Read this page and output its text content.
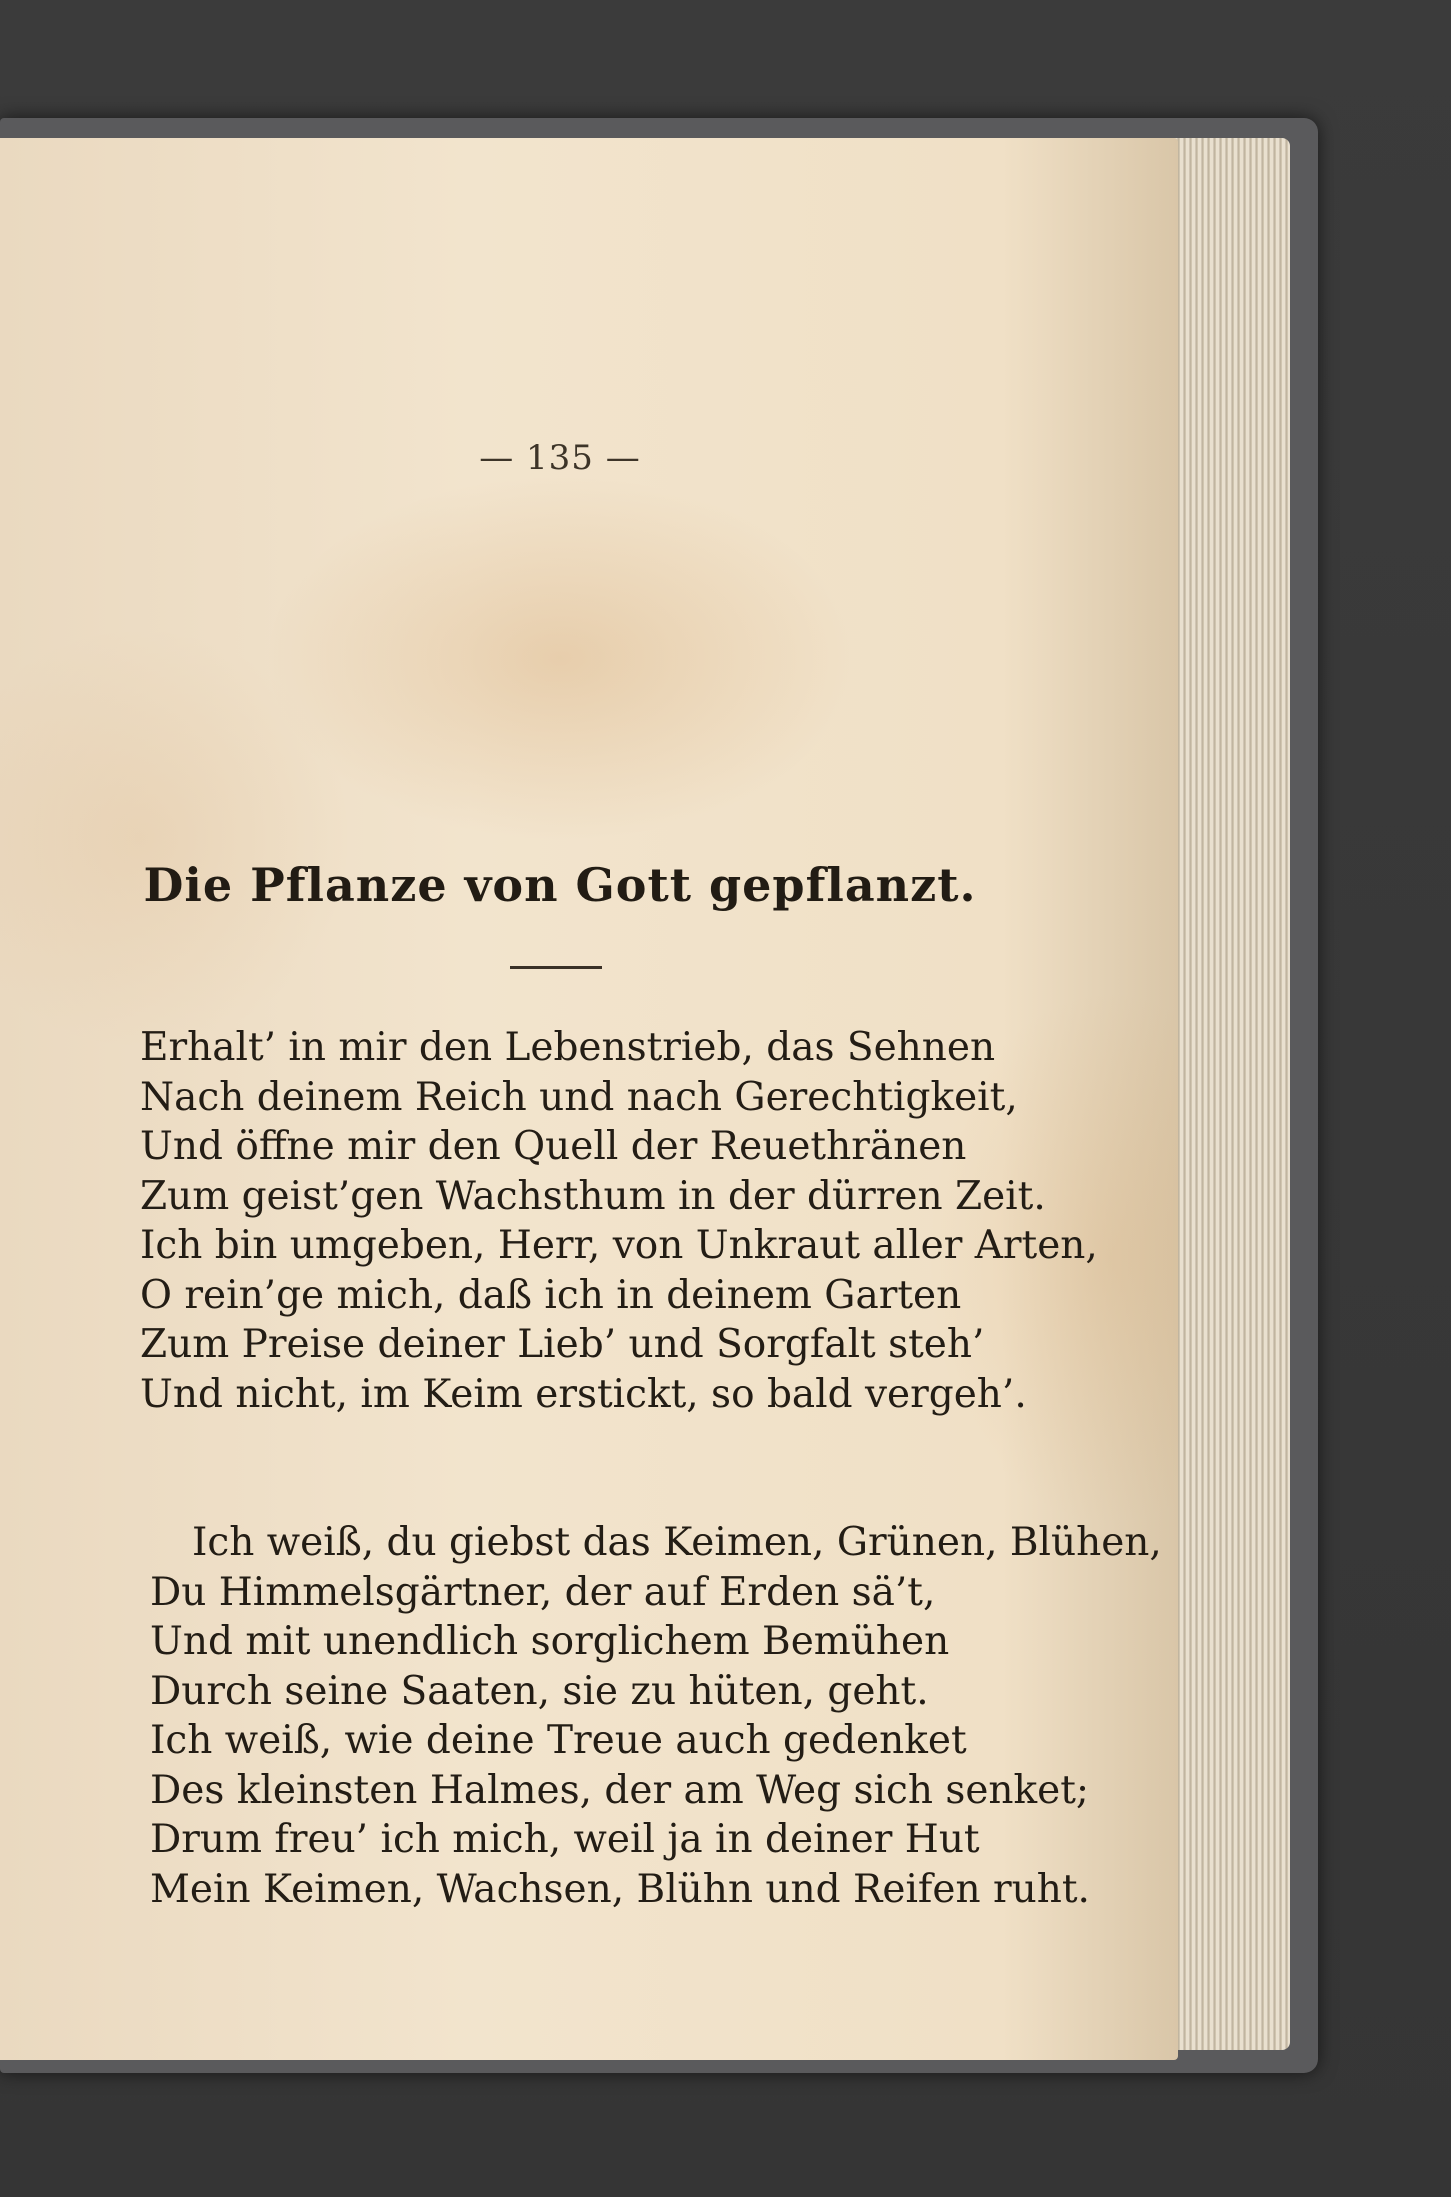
— 135 —
Die Pflanze von Gott gepflanzt.
Erhalt’ in mir den Lebenstrieb, das Sehnen
Nach deinem Reich und nach Gerechtigkeit,
Und öffne mir den Quell der Reuethränen
Zum geist’gen Wachsthum in der dürren Zeit.
Ich bin umgeben, Herr, von Unkraut aller Arten,
O rein’ge mich, daß ich in deinem Garten
Zum Preise deiner Lieb’ und Sorgfalt steh’
Und nicht, im Keim erstickt, so bald vergeh’.
Ich weiß, du giebst das Keimen, Grünen, Blühen,
Du Himmelsgärtner, der auf Erden sä’t,
Und mit unendlich sorglichem Bemühen
Durch seine Saaten, sie zu hüten, geht.
Ich weiß, wie deine Treue auch gedenket
Des kleinsten Halmes, der am Weg sich senket;
Drum freu’ ich mich, weil ja in deiner Hut
Mein Keimen, Wachsen, Blühn und Reifen ruht.
